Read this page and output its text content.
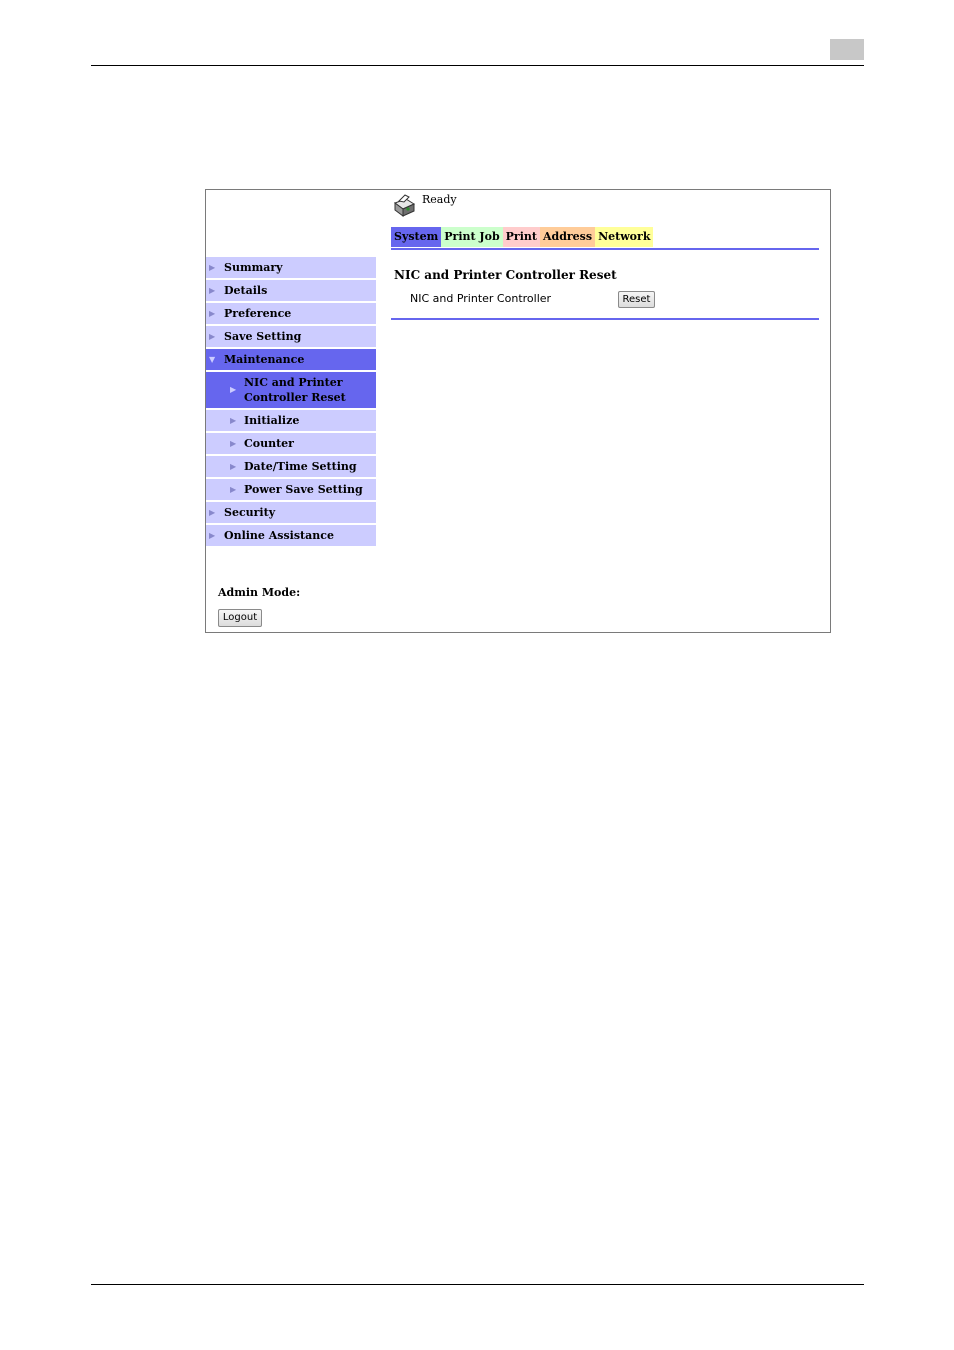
Ready
System Print Job Print Address Network
NIC and Printer Controller Reset
NIC and Printer Controller	Reset
▶ Summary
▶ Details
▶ Preference
▶ Save Setting
▼ Maintenance
▶ NIC and Printer Controller Reset
▶ Initialize
▶ Counter
▶ Date/Time Setting
▶ Power Save Setting
▶ Security
▶ Online Assistance
Admin Mode:
Logout
